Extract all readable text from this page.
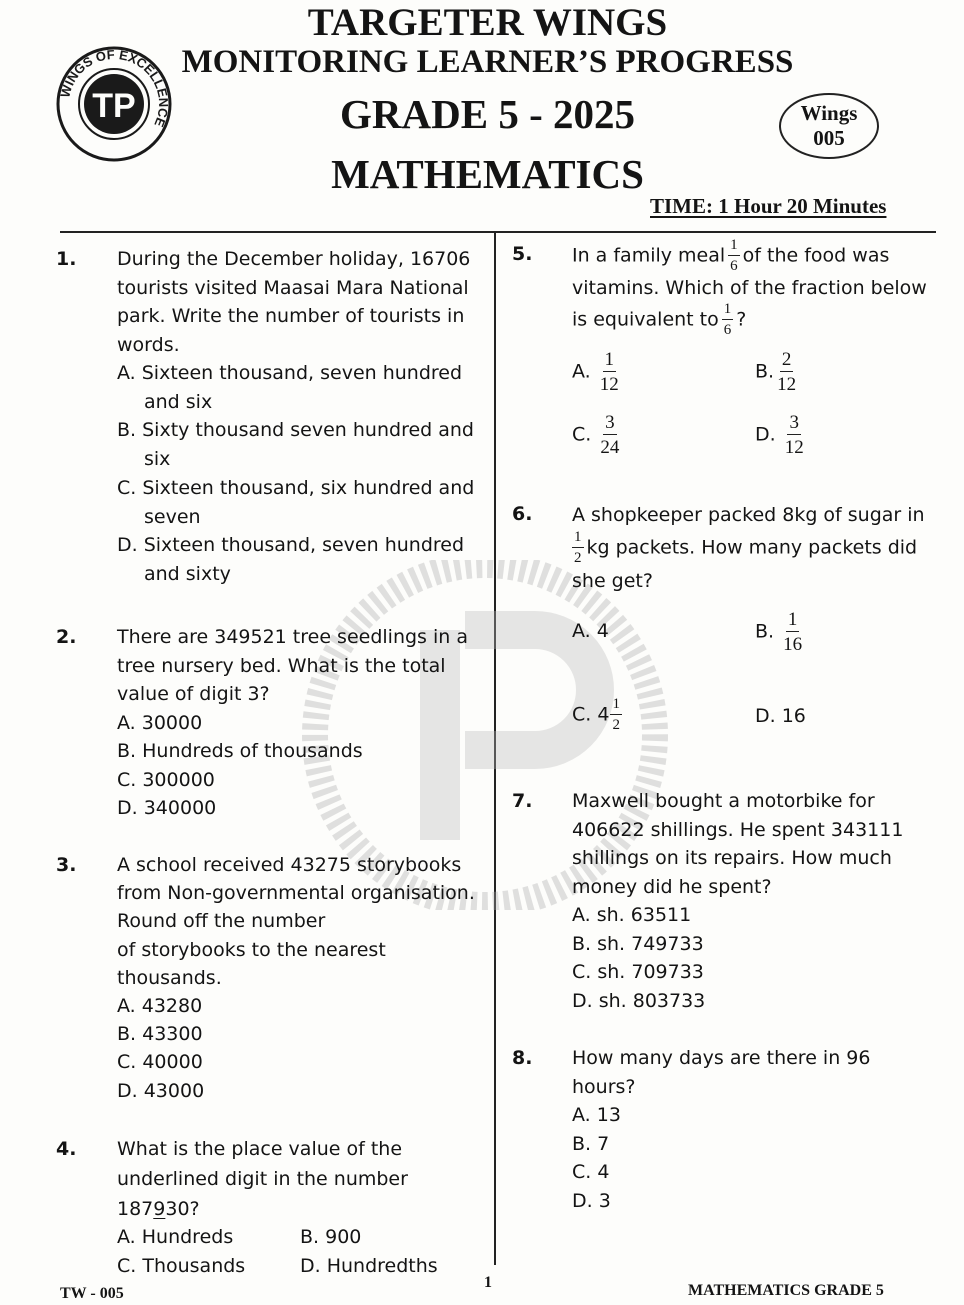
TARGETER WINGS
MONITORING LEARNER’S PROGRESS
GRADE 5 - 2025
MATHEMATICS
TIME: 1 Hour 20 Minutes
Wings
005
WINGS OF EXCELLENCE
TP
1. During the December holiday, 16706
tourists visited Maasai Mara National
park. Write the number of tourists in
words.
A. Sixteen thousand, seven hundred
and six
B. Sixty thousand seven hundred and
six
C. Sixteen thousand, six hundred and
seven
D. Sixteen thousand, seven hundred
and sixty
2. There are 349521 tree seedlings in a
tree nursery bed. What is the total
value of digit 3?
A. 30000
B. Hundreds of thousands
C. 300000
D. 340000
3. A school received 43275 storybooks
from Non-governmental organisation.
Round off the number
of storybooks to the nearest
thousands.
A. 43280
B. 43300
C. 40000
D. 43000
4. What is the place value of the
underlined digit in the number
187930?
A. Hundreds	B. 900
C. Thousands	D. Hundredths
5. In a family meal $\frac{1}{6}$ of the food was
vitamins. Which of the fraction below
is equivalent to $\frac{1}{6}$ ?
A. $\frac{1}{12}$	B. $\frac{2}{12}$
C. $\frac{3}{24}$	D. $\frac{3}{12}$
6. A shopkeeper packed 8kg of sugar in
$\frac{1}{2}$ kg packets. How many packets did
she get?
A. 4	B. $\frac{1}{16}$
C. $4 \frac{1}{2}$	D. 16
7. Maxwell bought a motorbike for
406622 shillings. He spent 343111
shillings on its repairs. How much
money did he spent?
A. sh. 63511
B. sh. 749733
C. sh. 709733
D. sh. 803733
8. How many days are there in 96
hours?
A. 13
B. 7
C. 4
D. 3
TW - 005
1	MATHEMATICS GRADE 5
